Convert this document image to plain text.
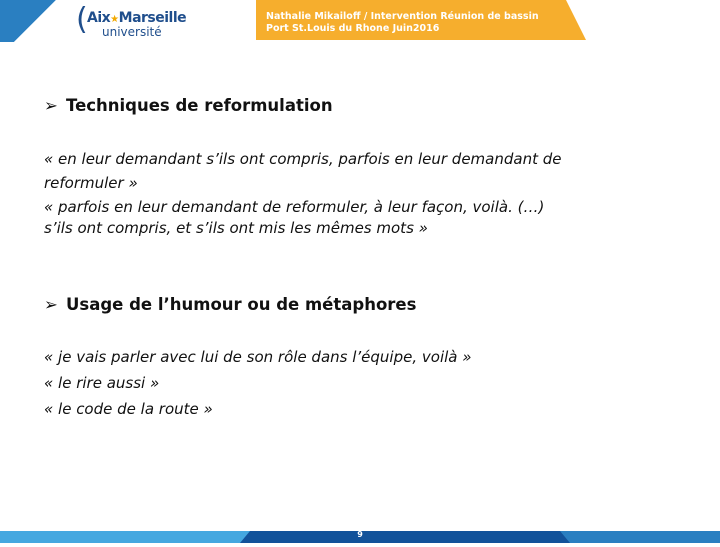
( Aix★Marseille
université
Nathalie Mikailoff / Intervention Réunion de bassin
Port St.Louis du Rhone Juin2016
➢ Techniques de reformulation
« en leur demandant s’ils ont compris, parfois en leur demandant de
reformuler »
« parfois en leur demandant de reformuler, à leur façon, voilà. (…)
s’ils ont compris, et s’ils ont mis les mêmes mots »
➢ Usage de l’humour ou de métaphores
« je vais parler avec lui de son rôle dans l’équipe, voilà »
« le rire aussi »
« le code de la route »
9
